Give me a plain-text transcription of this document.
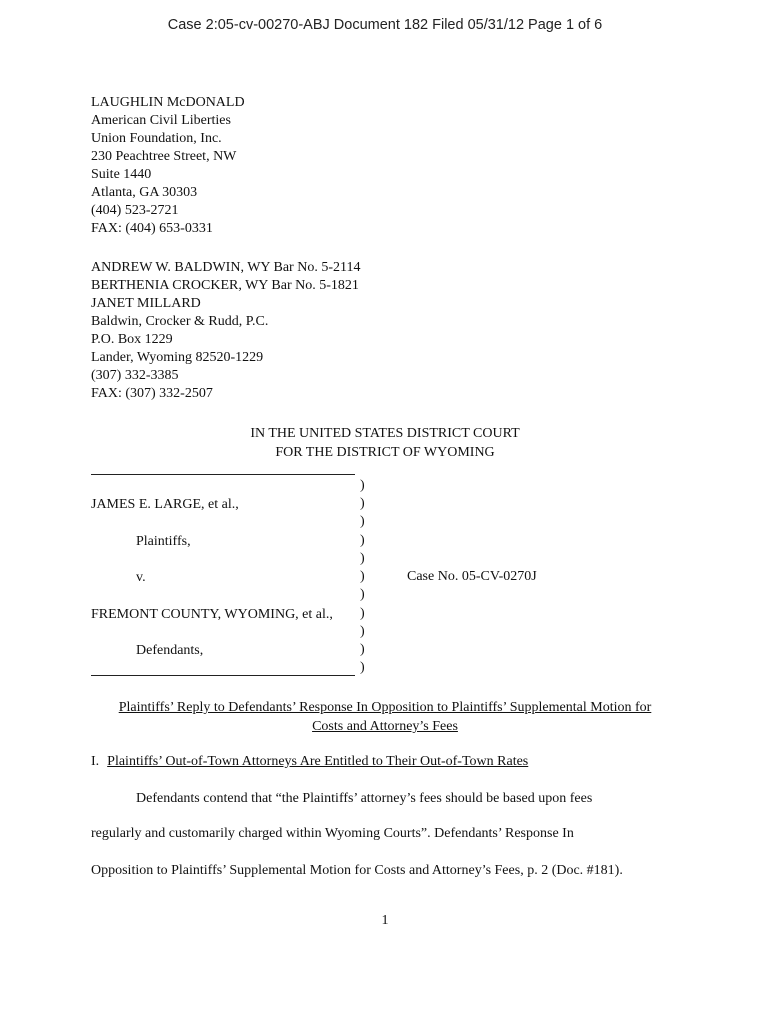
Case 2:05-cv-00270-ABJ Document 182 Filed 05/31/12 Page 1 of 6
LAUGHLIN McDONALD
American Civil Liberties
Union Foundation, Inc.
230 Peachtree Street, NW
Suite 1440
Atlanta, GA 30303
(404) 523-2721
FAX: (404) 653-0331
ANDREW W. BALDWIN, WY Bar No. 5-2114
BERTHENIA CROCKER, WY Bar No. 5-1821
JANET MILLARD
Baldwin, Crocker & Rudd, P.C.
P.O. Box 1229
Lander, Wyoming 82520-1229
(307) 332-3385
FAX: (307) 332-2507
IN THE UNITED STATES DISTRICT COURT
FOR THE DISTRICT OF WYOMING
JAMES E. LARGE, et al.,
Plaintiffs,
v.
FREMONT COUNTY, WYOMING, et al.,
Defendants,
)
)
)
)
)
)
)
)
)
)
)
Case No. 05-CV-0270J
Plaintiffs’ Reply to Defendants’ Response In Opposition to Plaintiffs’ Supplemental Motion for
Costs and Attorney’s Fees
I. Plaintiffs’ Out-of-Town Attorneys Are Entitled to Their Out-of-Town Rates
Defendants contend that “the Plaintiffs’ attorney’s fees should be based upon fees
regularly and customarily charged within Wyoming Courts”. Defendants’ Response In
Opposition to Plaintiffs’ Supplemental Motion for Costs and Attorney’s Fees, p. 2 (Doc. #181).
1
